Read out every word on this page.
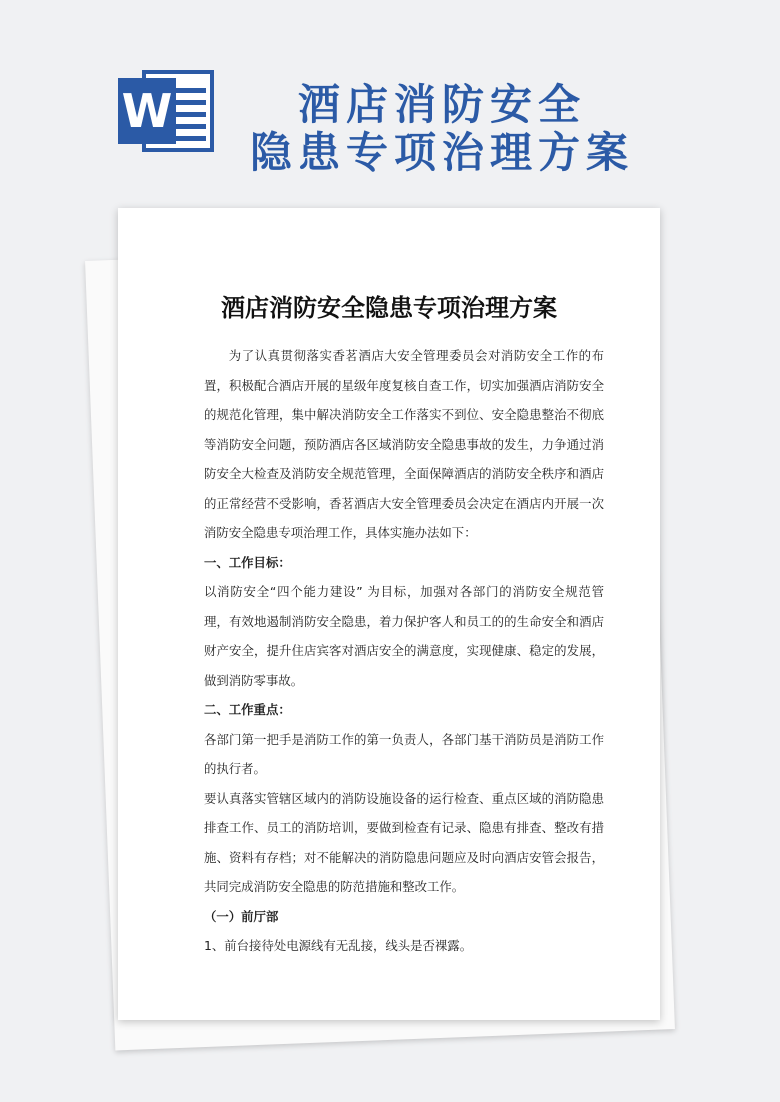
W	酒店消防安全
隐患专项治理方案
酒店消防安全隐患专项治理方案

为了认真贯彻落实香茗酒店大安全管理委员会对消防安全工作的布置，积极配合酒店开展的星级年度复核自查工作，切实加强酒店消防安全的规范化管理，集中解决消防安全工作落实不到位、安全隐患整治不彻底等消防安全问题，预防酒店各区域消防安全隐患事故的发生，力争通过消防安全大检查及消防安全规范管理，全面保障酒店的消防安全秩序和酒店的正常经营不受影响，香茗酒店大安全管理委员会决定在酒店内开展一次消防安全隐患专项治理工作，具体实施办法如下：

一、工作目标：

以消防安全“四个能力建设” 为目标，加强对各部门的消防安全规范管理，有效地遏制消防安全隐患，着力保护客人和员工的的生命安全和酒店财产安全，提升住店宾客对酒店安全的满意度，实现健康、稳定的发展，做到消防零事故。

二、工作重点：

各部门第一把手是消防工作的第一负责人，各部门基干消防员是消防工作的执行者。

要认真落实管辖区域内的消防设施设备的运行检查、重点区域的消防隐患排查工作、员工的消防培训，要做到检查有记录、隐患有排查、整改有措施、资料有存档；对不能解决的消防隐患问题应及时向酒店安管会报告，共同完成消防安全隐患的防范措施和整改工作。

（一）前厅部

1、前台接待处电源线有无乱接，线头是否裸露。
